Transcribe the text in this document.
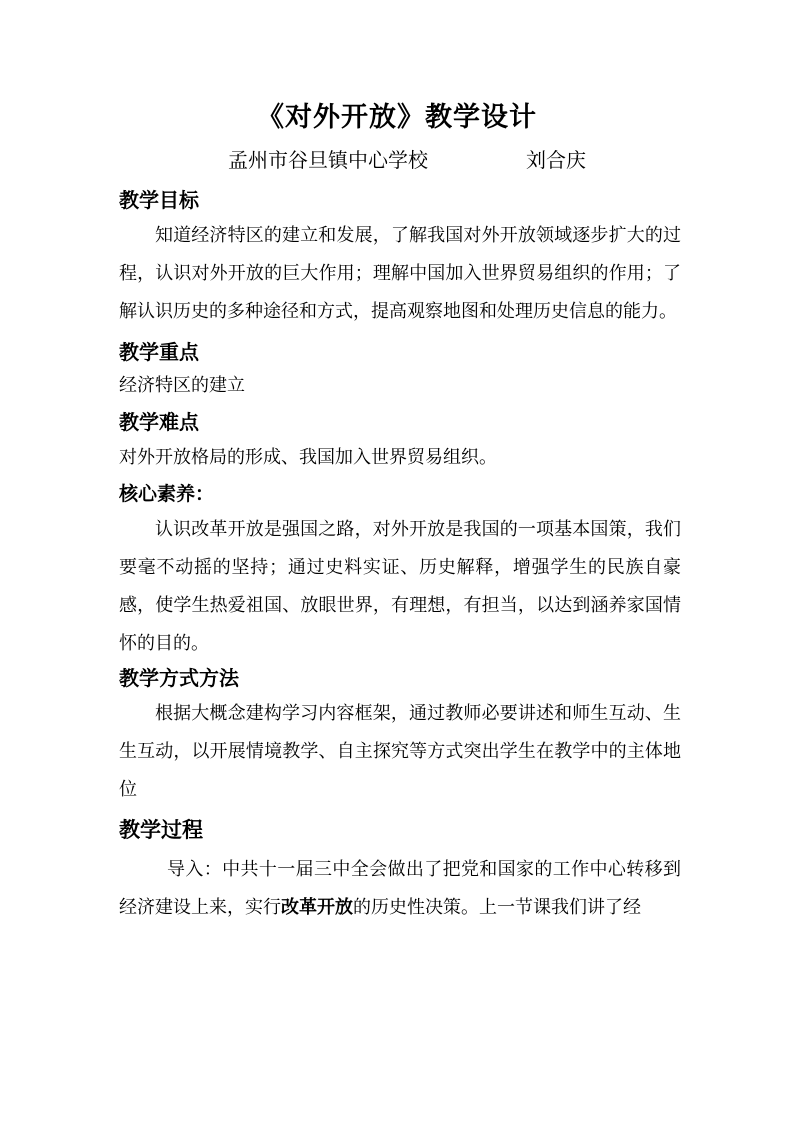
《对外开放》教学设计
孟州市谷旦镇中心学校	刘合庆
教学目标

知道经济特区的建立和发展，了解我国对外开放领域逐步扩大的过程，认识对外开放的巨大作用；理解中国加入世界贸易组织的作用；了解认识历史的多种途径和方式，提高观察地图和处理历史信息的能力。

教学重点

经济特区的建立

教学难点

对外开放格局的形成、我国加入世界贸易组织。

核心素养：

认识改革开放是强国之路，对外开放是我国的一项基本国策，我们要毫不动摇的坚持；通过史料实证、历史解释，增强学生的民族自豪感，使学生热爱祖国、放眼世界，有理想，有担当，以达到涵养家国情怀的目的。

教学方式方法

根据大概念建构学习内容框架，通过教师必要讲述和师生互动、生生互动，以开展情境教学、自主探究等方式突出学生在教学中的主体地位

教学过程

导入：中共十一届三中全会做出了把党和国家的工作中心转移到经济建设上来，实行改革开放的历史性决策。上一节课我们讲了经
